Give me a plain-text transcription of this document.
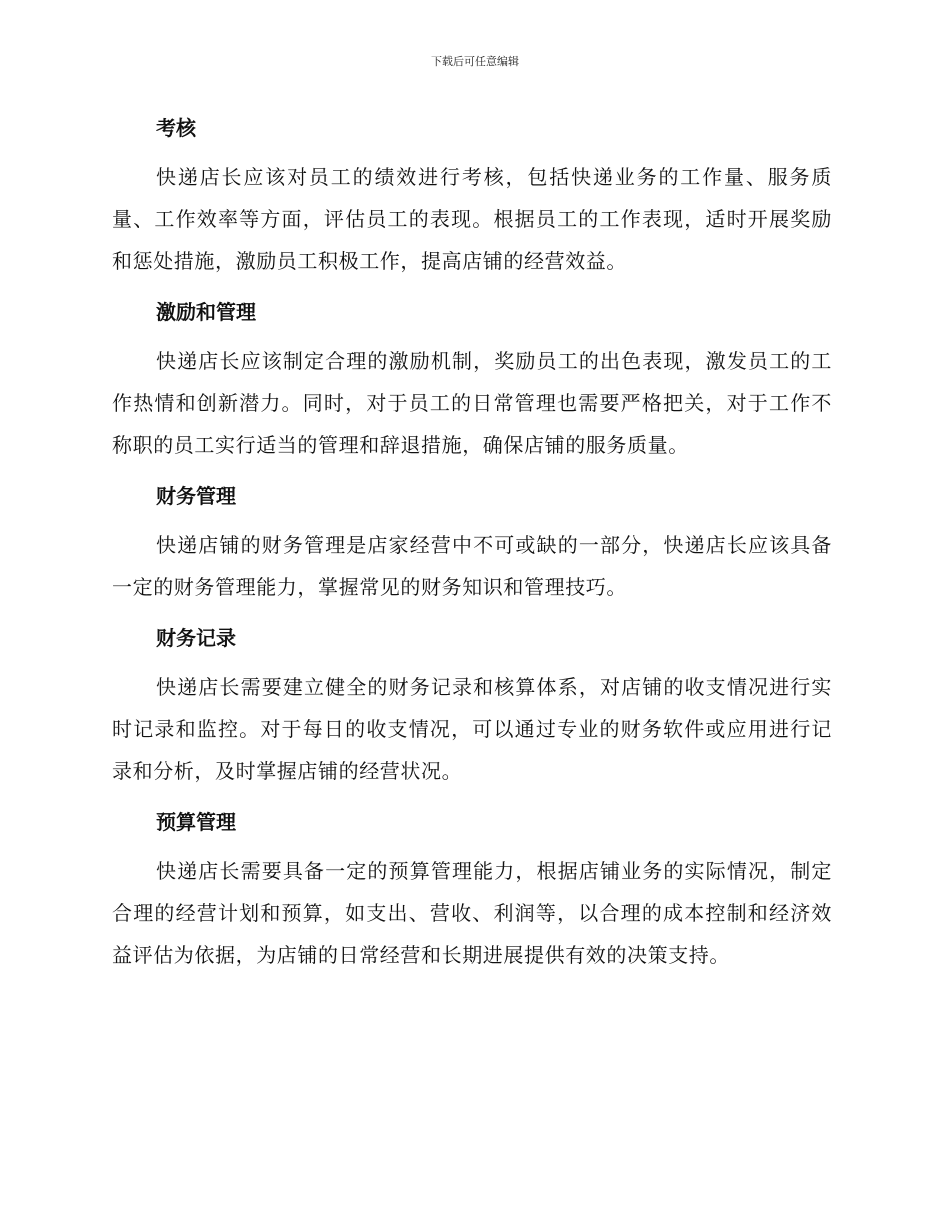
下载后可任意编辑
考核

快递店长应该对员工的绩效进行考核，包括快递业务的工作量、服务质量、工作效率等方面，评估员工的表现。根据员工的工作表现，适时开展奖励和惩处措施，激励员工积极工作，提高店铺的经营效益。

激励和管理

快递店长应该制定合理的激励机制，奖励员工的出色表现，激发员工的工作热情和创新潜力。同时，对于员工的日常管理也需要严格把关，对于工作不称职的员工实行适当的管理和辞退措施，确保店铺的服务质量。

财务管理

快递店铺的财务管理是店家经营中不可或缺的一部分，快递店长应该具备一定的财务管理能力，掌握常见的财务知识和管理技巧。

财务记录

快递店长需要建立健全的财务记录和核算体系，对店铺的收支情况进行实时记录和监控。对于每日的收支情况，可以通过专业的财务软件或应用进行记录和分析，及时掌握店铺的经营状况。

预算管理

快递店长需要具备一定的预算管理能力，根据店铺业务的实际情况，制定合理的经营计划和预算，如支出、营收、利润等，以合理的成本控制和经济效益评估为依据，为店铺的日常经营和长期进展提供有效的决策支持。
